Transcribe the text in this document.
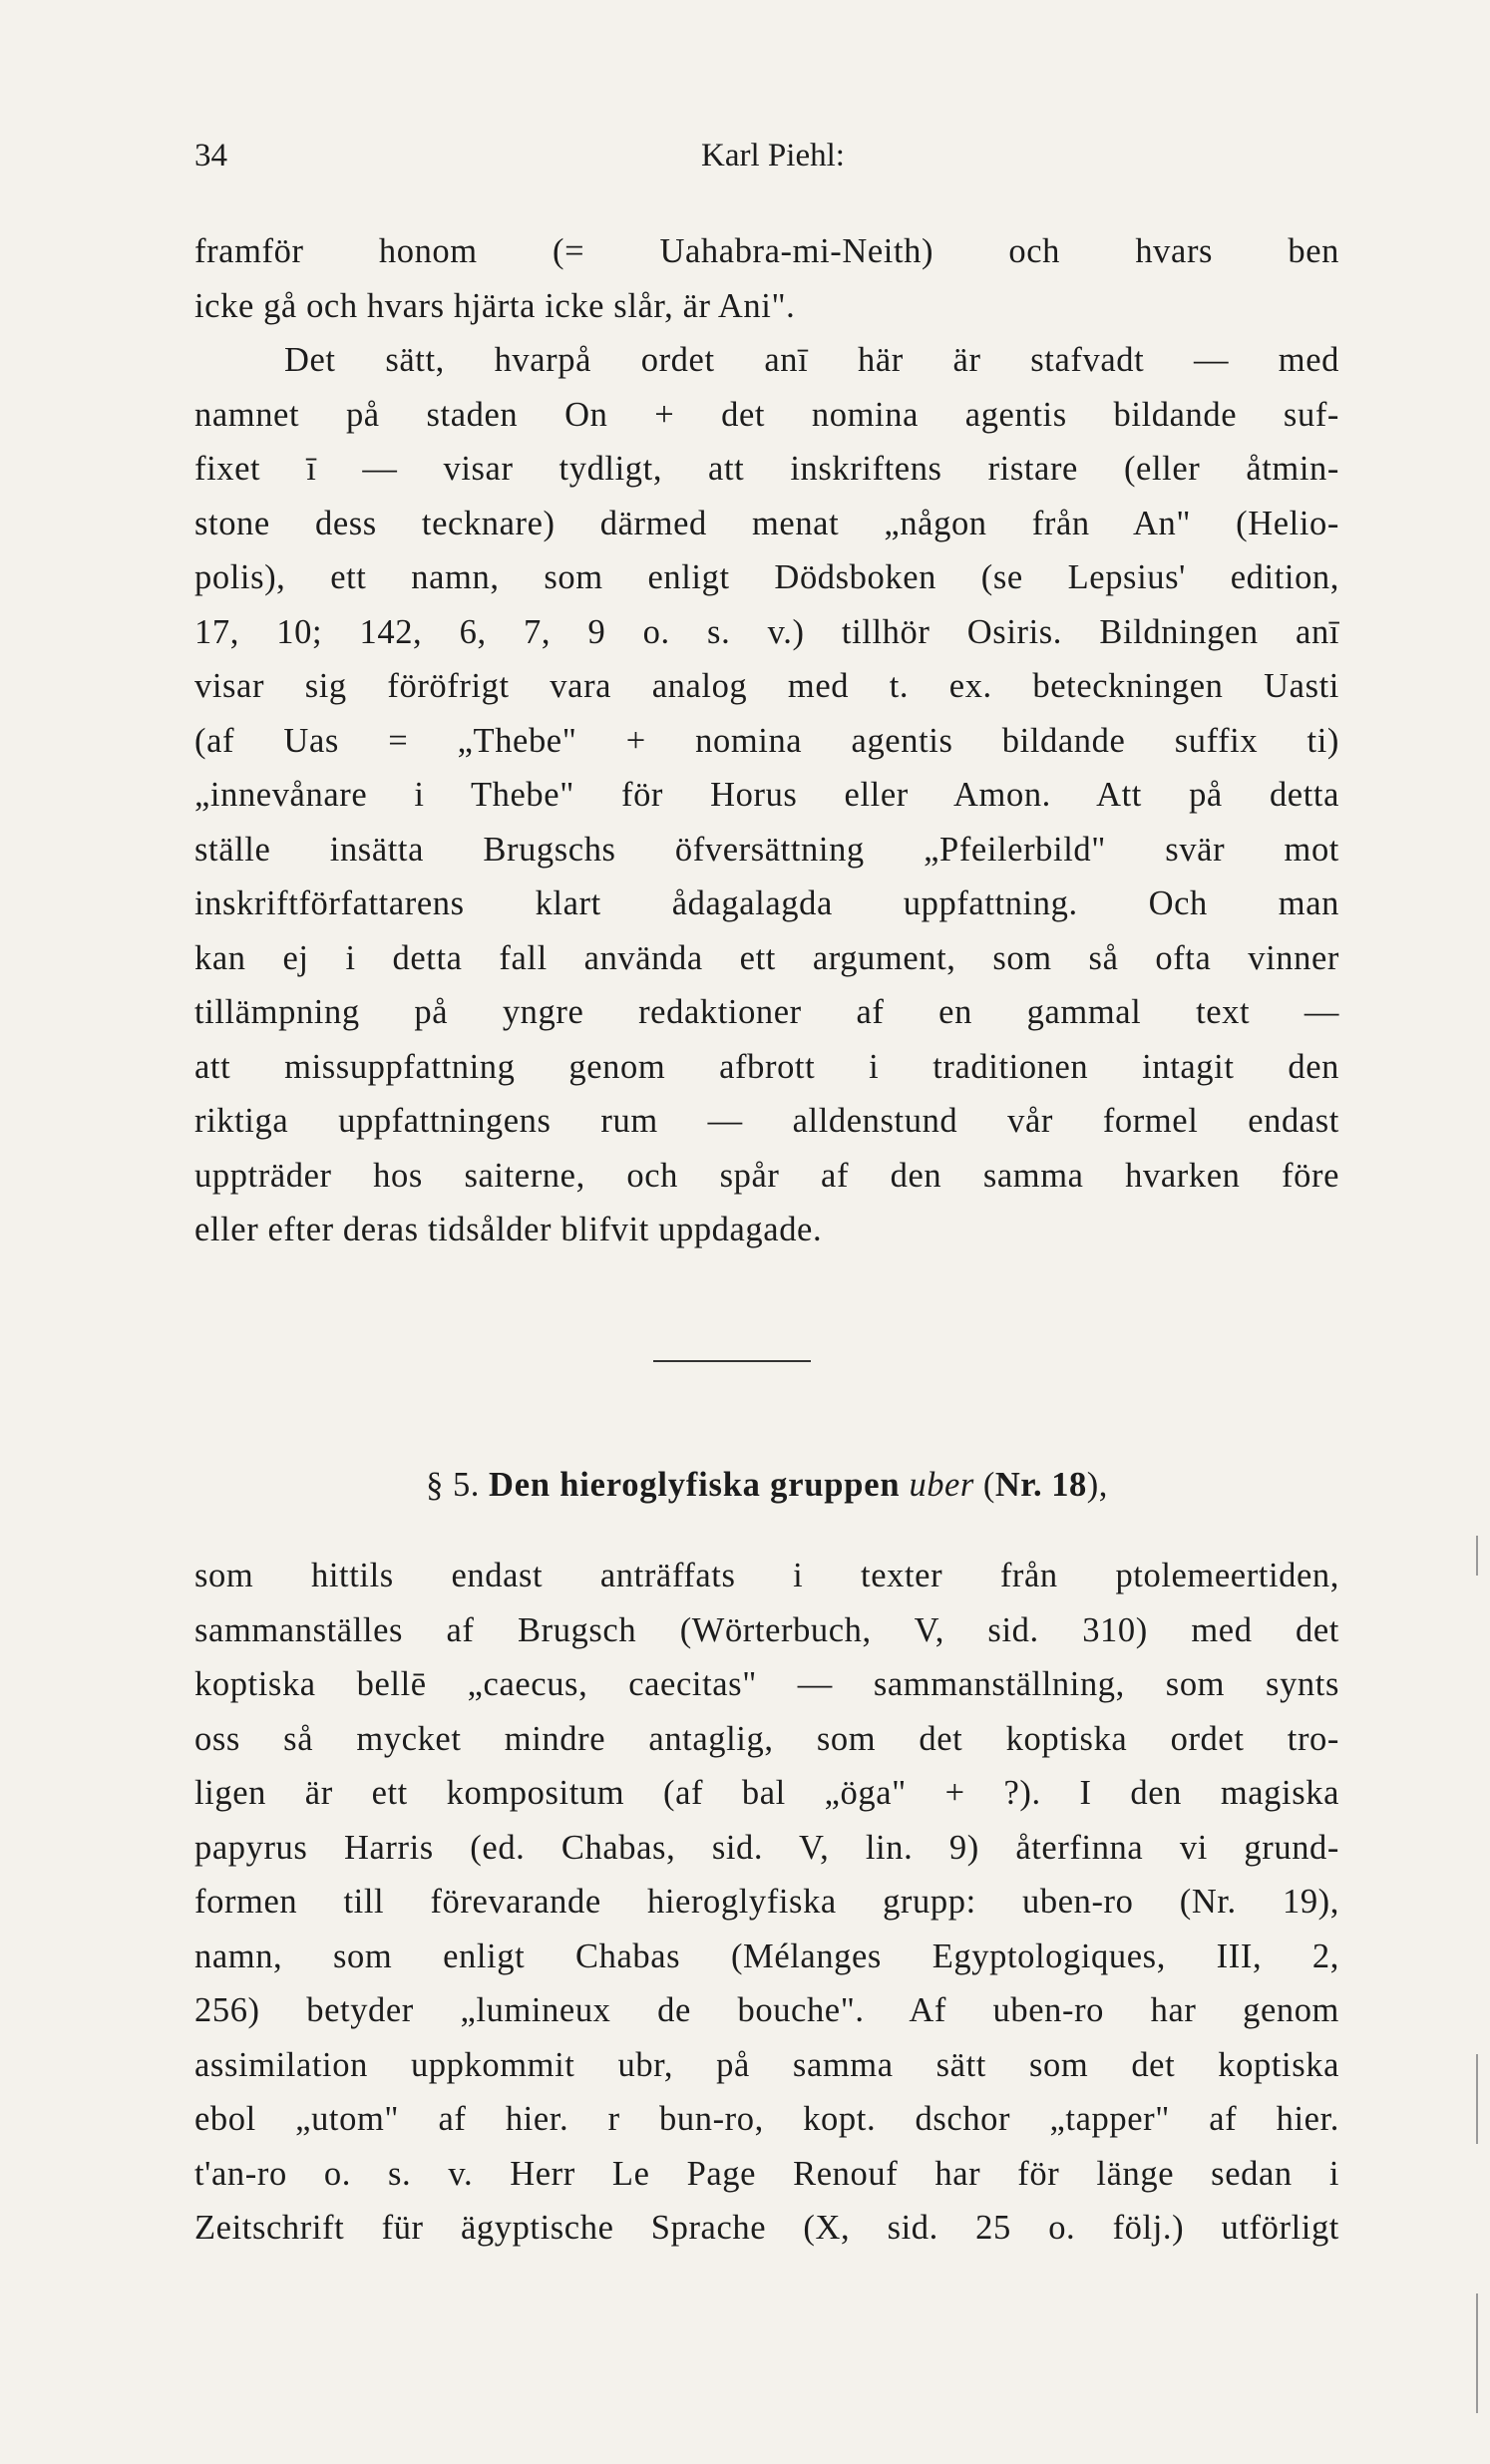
34	Karl Piehl:

framför honom (= Uahabra-mi-Neith) och hvars ben

icke gå och hvars hjärta icke slår, är Ani".

Det sätt, hvarpå ordet anī här är stafvadt — med

namnet på staden On + det nomina agentis bildande suf-

fixet ī — visar tydligt, att inskriftens ristare (eller åtmin-

stone dess tecknare) därmed menat „någon från An" (Helio-

polis), ett namn, som enligt Dödsboken (se Lepsius' edition,

17, 10; 142, 6, 7, 9 o. s. v.) tillhör Osiris. Bildningen anī

visar sig föröfrigt vara analog med t. ex. beteckningen Uasti

(af Uas = „Thebe" + nomina agentis bildande suffix ti)

„innevånare i Thebe" för Horus eller Amon. Att på detta

ställe insätta Brugschs öfversättning „Pfeilerbild" svär mot

inskriftförfattarens klart ådagalagda uppfattning. Och man

kan ej i detta fall använda ett argument, som så ofta vinner

tillämpning på yngre redaktioner af en gammal text —

att missuppfattning genom afbrott i traditionen intagit den

riktiga uppfattningens rum — alldenstund vår formel endast

uppträder hos saiterne, och spår af den samma hvarken före

eller efter deras tidsålder blifvit uppdagade.

§ 5. Den hieroglyfiska gruppen uber (Nr. 18),

som hittils endast anträffats i texter från ptolemeertiden,

sammanställes af Brugsch (Wörterbuch, V, sid. 310) med det

koptiska bellē „caecus, caecitas" — sammanställning, som synts

oss så mycket mindre antaglig, som det koptiska ordet tro-

ligen är ett kompositum (af bal „öga" + ?). I den magiska

papyrus Harris (ed. Chabas, sid. V, lin. 9) återfinna vi grund-

formen till förevarande hieroglyfiska grupp: uben-ro (Nr. 19),

namn, som enligt Chabas (Mélanges Egyptologiques, III, 2,

256) betyder „lumineux de bouche". Af uben-ro har genom

assimilation uppkommit ubr, på samma sätt som det koptiska

ebol „utom" af hier. r bun-ro, kopt. dschor „tapper" af hier.

t'an-ro o. s. v. Herr Le Page Renouf har för länge sedan i

Zeitschrift für ägyptische Sprache (X, sid. 25 o. följ.) utförligt
